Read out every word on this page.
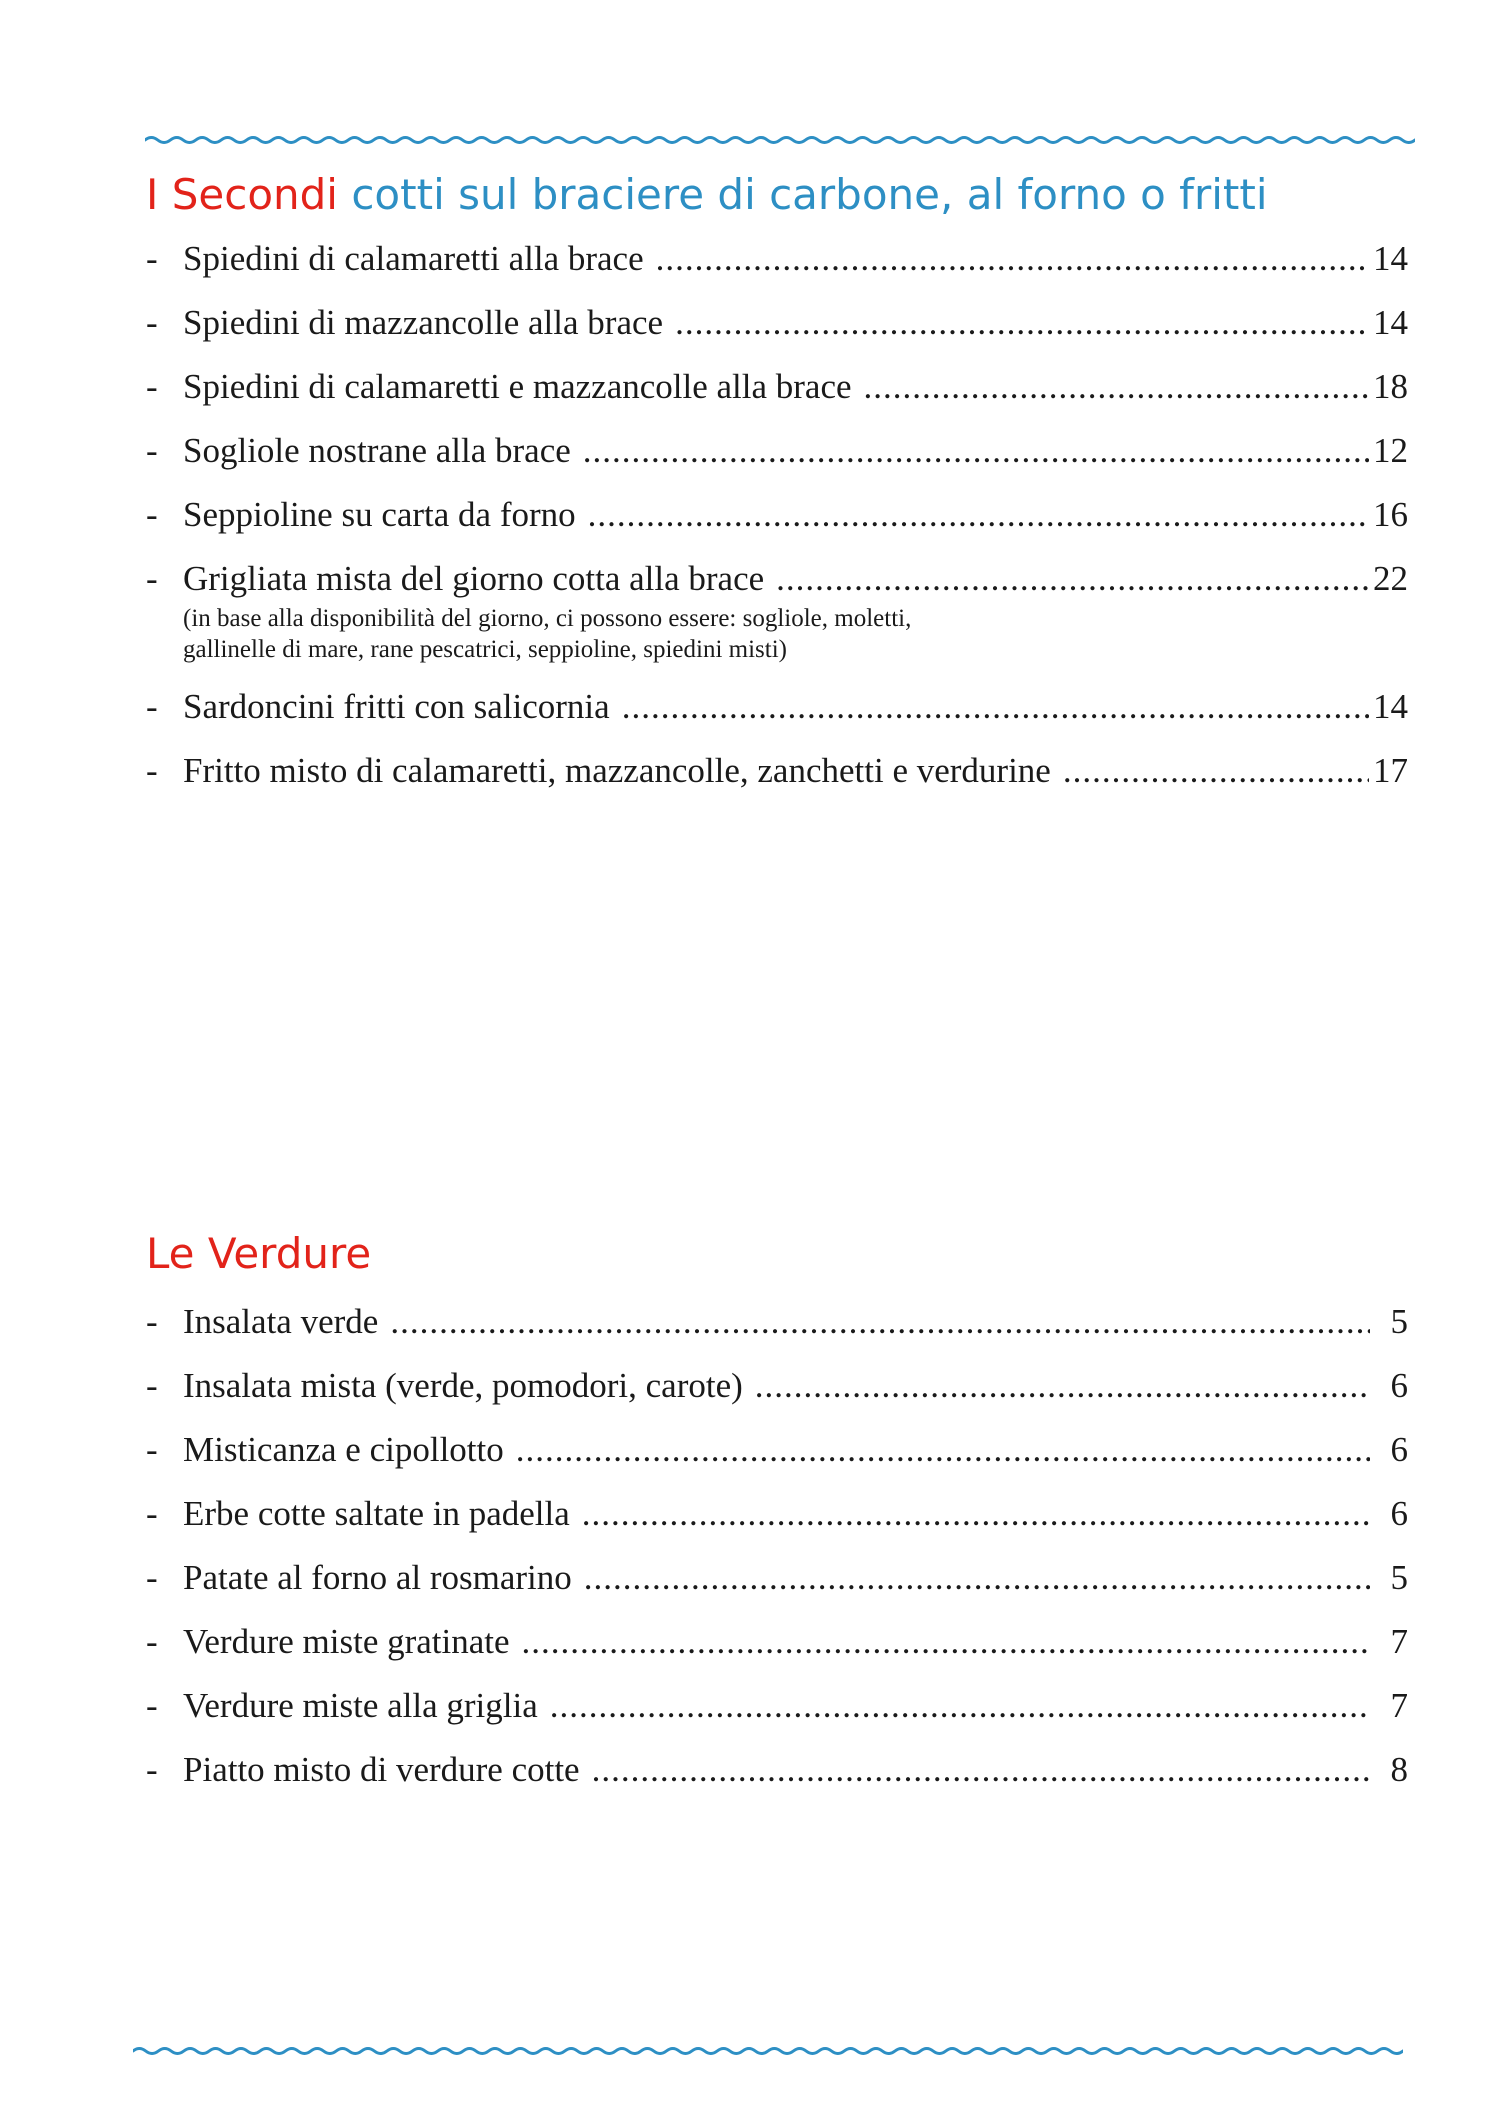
I Secondi cotti sul braciere di carbone, al forno o fritti
- Spiedini di calamaretti alla brace .....	14
- Spiedini di mazzancolle alla brace .....	14
- Spiedini di calamaretti e mazzancolle alla brace .....	18
- Sogliole nostrane alla brace .....	12
- Seppioline su carta da forno .....	16
- Grigliata mista del giorno cotta alla brace .....	22
(in base alla disponibilità del giorno, ci possono essere: sogliole, moletti,
gallinelle di mare, rane pescatrici, seppioline, spiedini misti)
- Sardoncini fritti con salicornia .....	14
- Fritto misto di calamaretti, mazzancolle, zanchetti e verdurine .....	17
Le Verdure
- Insalata verde .....	5
- Insalata mista (verde, pomodori, carote) .....	6
- Misticanza e cipollotto .....	6
- Erbe cotte saltate in padella .....	6
- Patate al forno al rosmarino .....	5
- Verdure miste gratinate .....	7
- Verdure miste alla griglia .....	7
- Piatto misto di verdure cotte .....	8
